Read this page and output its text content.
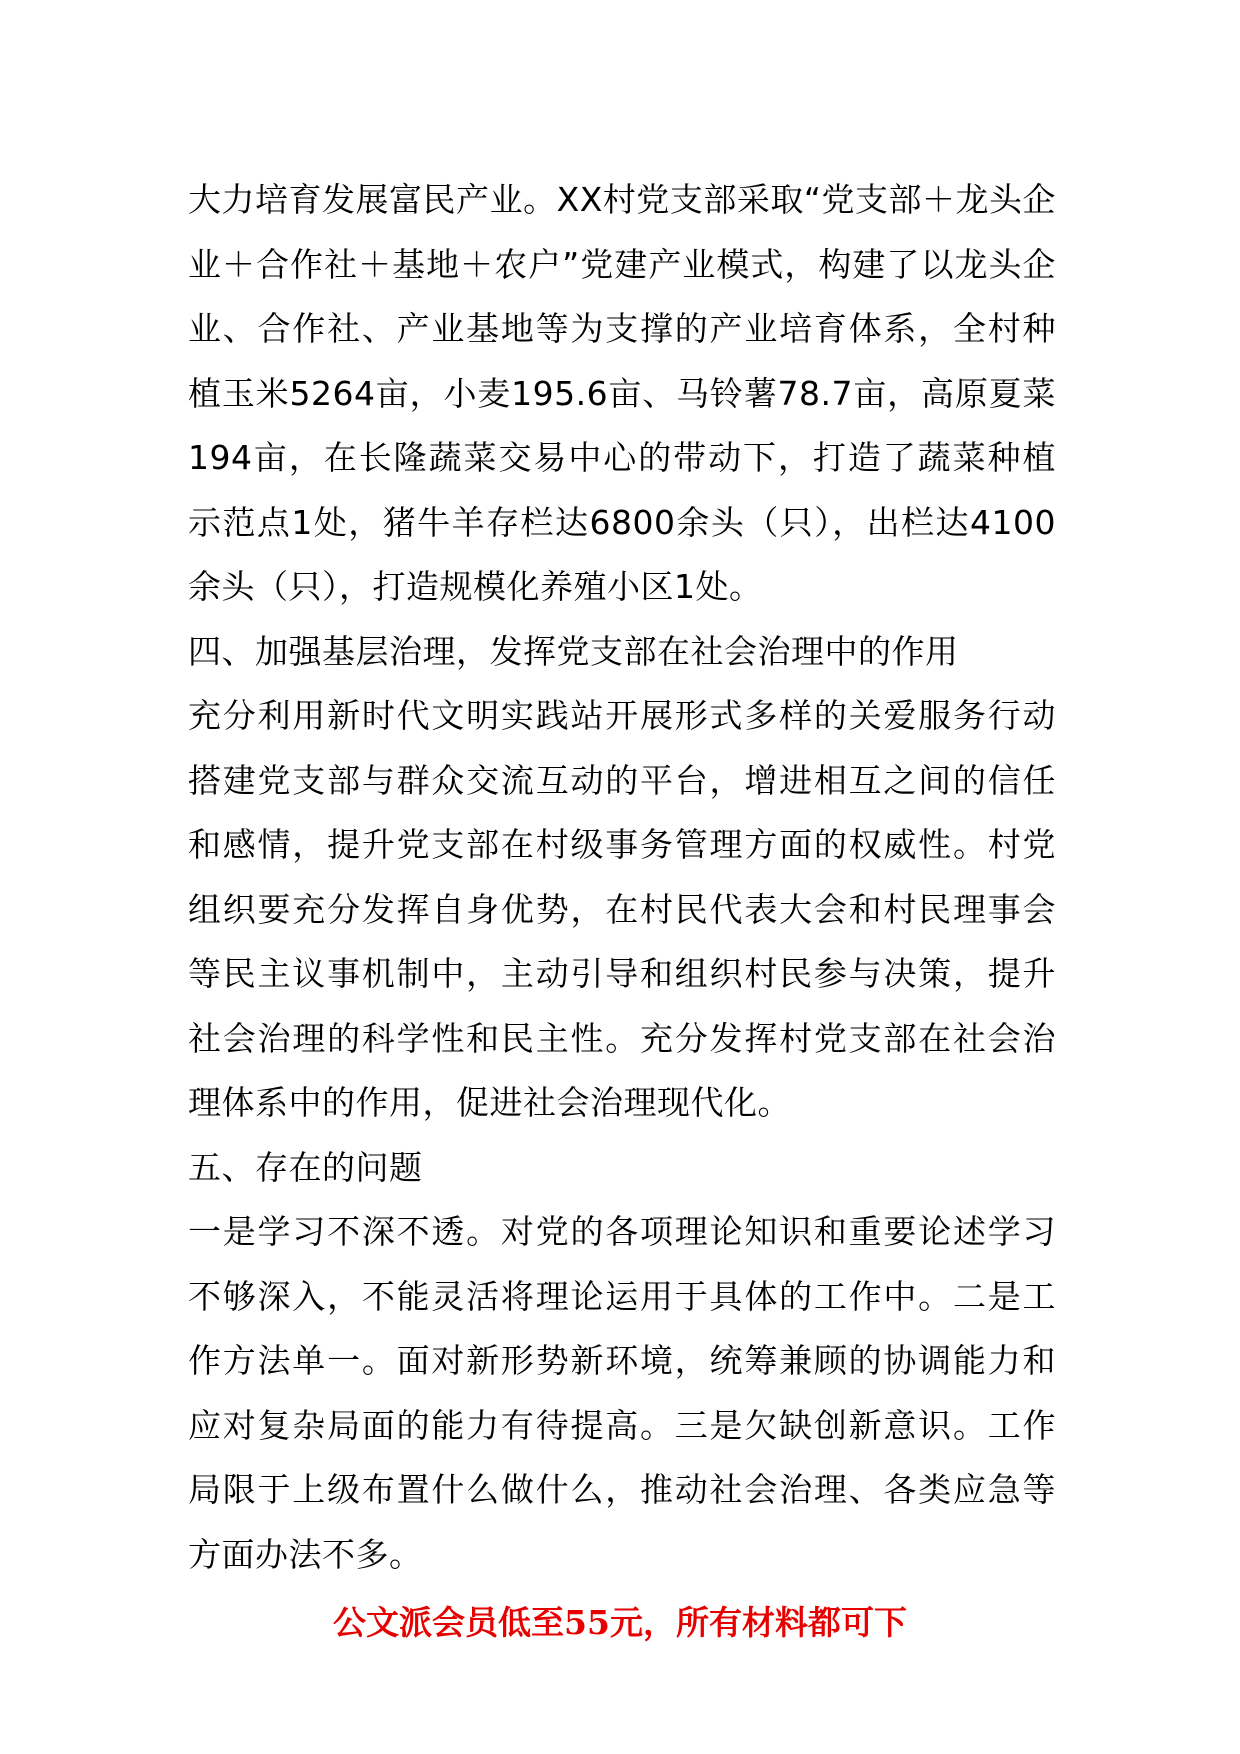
大力培育发展富民产业。XX村党支部采取“党支部＋龙头企业＋合作社＋基地＋农户”党建产业模式，构建了以龙头企业、合作社、产业基地等为支撑的产业培育体系，全村种植玉米5264亩，小麦195.6亩、马铃薯78.7亩，高原夏菜194亩，在长隆蔬菜交易中心的带动下，打造了蔬菜种植示范点1处，猪牛羊存栏达6800余头（只），出栏达4100余头（只），打造规模化养殖小区1处。

四、加强基层治理，发挥党支部在社会治理中的作用

充分利用新时代文明实践站开展形式多样的关爱服务行动搭建党支部与群众交流互动的平台，增进相互之间的信任和感情，提升党支部在村级事务管理方面的权威性。村党组织要充分发挥自身优势，在村民代表大会和村民理事会等民主议事机制中，主动引导和组织村民参与决策，提升社会治理的科学性和民主性。充分发挥村党支部在社会治理体系中的作用，促进社会治理现代化。

五、存在的问题

一是学习不深不透。对党的各项理论知识和重要论述学习不够深入，不能灵活将理论运用于具体的工作中。二是工作方法单一。面对新形势新环境，统筹兼顾的协调能力和应对复杂局面的能力有待提高。三是欠缺创新意识。工作局限于上级布置什么做什么，推动社会治理、各类应急等方面办法不多。

公文派会员低至55元，所有材料都可下
